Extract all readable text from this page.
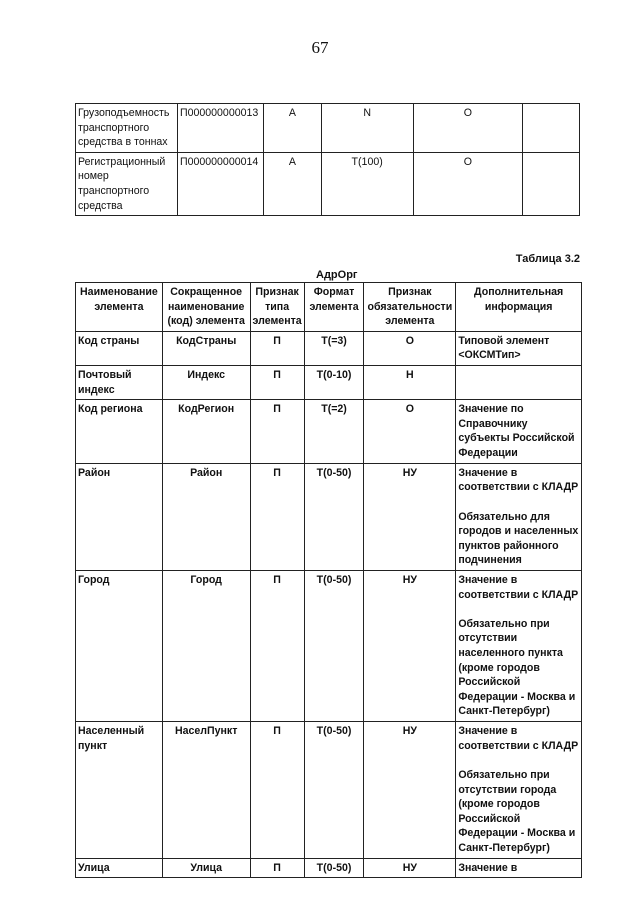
67
Грузоподъемность транспортного средства в тоннах	П000000000013	А	N	О	
Регистрационный номер транспортного средства	П000000000014	А	T(100)	О	
Таблица 3.2
АдрОрг
Наименование элемента	Сокращенное наименование (код) элемента	Признак типа элемента	Формат элемента	Признак обязательности элемента	Дополнительная информация
Код страны	КодСтраны	П	T(=3)	О	Типовой элемент <ОКСМТип>
Почтовый индекс	Индекс	П	T(0-10)	Н	
Код региона	КодРегион	П	T(=2)	О	Значение по Справочнику субъекты Российской Федерации
Район	Район	П	T(0-50)	НУ	Значение в соответствии с КЛАДР

Обязательно для городов и населенных пунктов районного подчинения
Город	Город	П	T(0-50)	НУ	Значение в соответствии с КЛАДР

Обязательно при отсутствии населенного пункта (кроме городов Российской Федерации - Москва и Санкт-Петербург)
Населенный пункт	НаселПункт	П	T(0-50)	НУ	Значение в соответствии с КЛАДР

Обязательно при отсутствии города (кроме городов Российской Федерации - Москва и Санкт-Петербург)
Улица	Улица	П	T(0-50)	НУ	Значение в
